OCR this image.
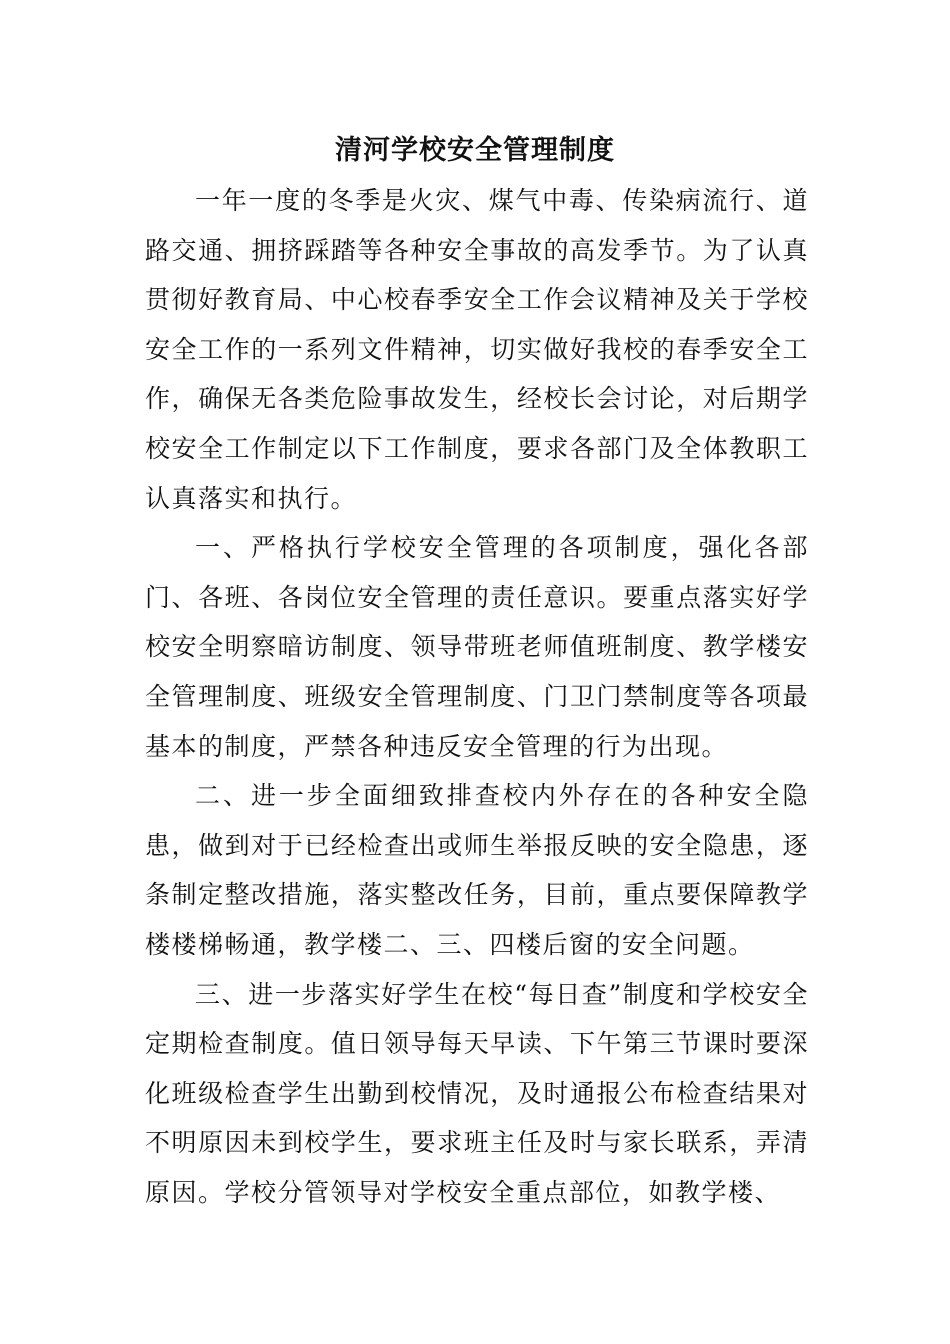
清河学校安全管理制度

一年一度的冬季是火灾、煤气中毒、传染病流行、道路交通、拥挤踩踏等各种安全事故的高发季节。为了认真贯彻好教育局、中心校春季安全工作会议精神及关于学校安全工作的一系列文件精神，切实做好我校的春季安全工作，确保无各类危险事故发生，经校长会讨论，对后期学校安全工作制定以下工作制度，要求各部门及全体教职工认真落实和执行。

一、严格执行学校安全管理的各项制度，强化各部门、各班、各岗位安全管理的责任意识。要重点落实好学校安全明察暗访制度、领导带班老师值班制度、教学楼安全管理制度、班级安全管理制度、门卫门禁制度等各项最基本的制度，严禁各种违反安全管理的行为出现。

二、进一步全面细致排查校内外存在的各种安全隐患，做到对于已经检查出或师生举报反映的安全隐患，逐条制定整改措施，落实整改任务，目前，重点要保障教学楼楼梯畅通，教学楼二、三、四楼后窗的安全问题。

三、进一步落实好学生在校“每日查”制度和学校安全定期检查制度。值日领导每天早读、下午第三节课时要深化班级检查学生出勤到校情况，及时通报公布检查结果对不明原因未到校学生，要求班主任及时与家长联系，弄清原因。学校分管领导对学校安全重点部位，如教学楼、
